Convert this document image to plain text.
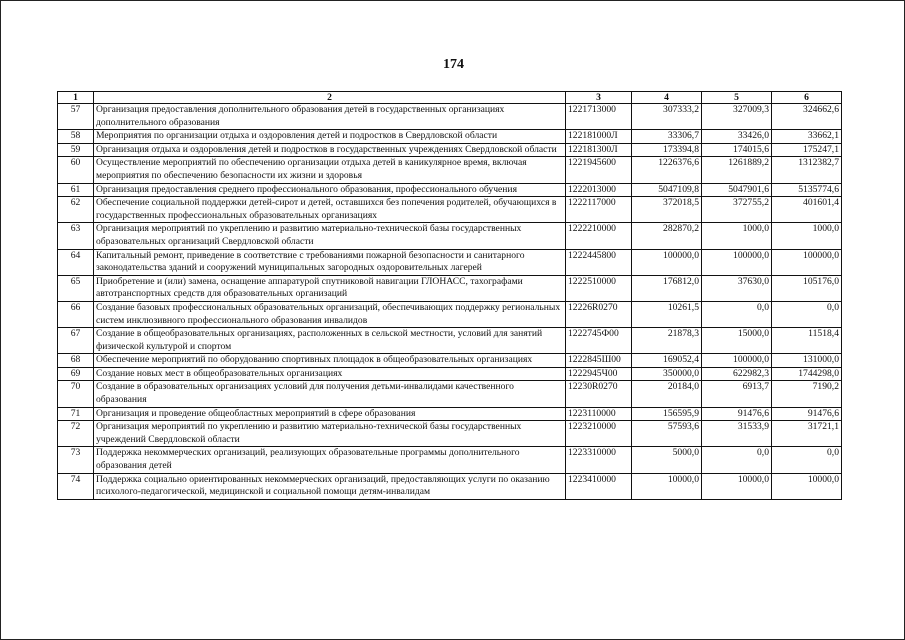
174
1	2	3	4	5	6
57	Организация предоставления дополнительного образования детей в государственных организациях дополнительного образования	1221713000	307333,2	327009,3	324662,6
58	Мероприятия по организации отдыха и оздоровления детей и подростков в Свердловской области	122181000Л	33306,7	33426,0	33662,1
59	Организация отдыха и оздоровления детей и подростков в государственных учреждениях Свердловской области	122181300Л	173394,8	174015,6	175247,1
60	Осуществление мероприятий по обеспечению организации отдыха детей в каникулярное время, включая мероприятия по обеспечению безопасности их жизни и здоровья	1221945600	1226376,6	1261889,2	1312382,7
61	Организация предоставления среднего профессионального образования, профессионального обучения	1222013000	5047109,8	5047901,6	5135774,6
62	Обеспечение социальной поддержки детей-сирот и детей, оставшихся без попечения родителей, обучающихся в государственных профессиональных образовательных организациях	1222117000	372018,5	372755,2	401601,4
63	Организация мероприятий по укреплению и развитию материально-технической базы государственных образовательных организаций Свердловской области	1222210000	282870,2	1000,0	1000,0
64	Капитальный ремонт, приведение в соответствие с требованиями пожарной безопасности и санитарного законодательства зданий и сооружений муниципальных загородных оздоровительных лагерей	1222445800	100000,0	100000,0	100000,0
65	Приобретение и (или) замена, оснащение аппаратурой спутниковой навигации ГЛОНАСС, тахографами автотранспортных средств для образовательных организаций	1222510000	176812,0	37630,0	105176,0
66	Создание базовых профессиональных образовательных организаций, обеспечивающих поддержку региональных систем инклюзивного профессионального образования инвалидов	12226R0270	10261,5	0,0	0,0
67	Создание в общеобразовательных организациях, расположенных в сельской местности, условий для занятий физической культурой и спортом	1222745Ф00	21878,3	15000,0	11518,4
68	Обеспечение мероприятий по оборудованию спортивных площадок в общеобразовательных организациях	1222845Ш00	169052,4	100000,0	131000,0
69	Создание новых мест в общеобразовательных организациях	1222945Ч00	350000,0	622982,3	1744298,0
70	Создание в образовательных организациях условий для получения детьми-инвалидами качественного образования	12230R0270	20184,0	6913,7	7190,2
71	Организация и проведение общеобластных мероприятий в сфере образования	1223110000	156595,9	91476,6	91476,6
72	Организация мероприятий по укреплению и развитию материально-технической базы государственных учреждений Свердловской области	1223210000	57593,6	31533,9	31721,1
73	Поддержка некоммерческих организаций, реализующих образовательные программы дополнительного образования детей	1223310000	5000,0	0,0	0,0
74	Поддержка социально ориентированных некоммерческих организаций, предоставляющих услуги по оказанию психолого-педагогической, медицинской и социальной помощи детям-инвалидам	1223410000	10000,0	10000,0	10000,0
